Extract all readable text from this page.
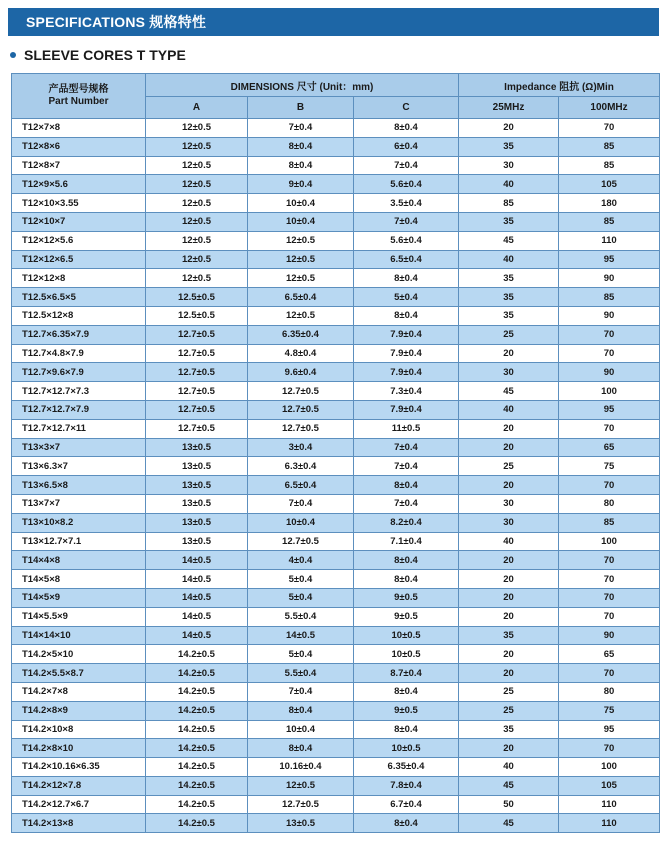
SPECIFICATIONS 规格特性
SLEEVE CORES T TYPE
产品型号规格
Part Number	DIMENSIONS 尺寸 (Unit：mm)			Impedance 阻抗 (Ω)Min	
	A	B	C	25MHz	100MHz
T12×7×8	12±0.5	7±0.4	8±0.4	20	70
T12×8×6	12±0.5	8±0.4	6±0.4	35	85
T12×8×7	12±0.5	8±0.4	7±0.4	30	85
T12×9×5.6	12±0.5	9±0.4	5.6±0.4	40	105
T12×10×3.55	12±0.5	10±0.4	3.5±0.4	85	180
T12×10×7	12±0.5	10±0.4	7±0.4	35	85
T12×12×5.6	12±0.5	12±0.5	5.6±0.4	45	110
T12×12×6.5	12±0.5	12±0.5	6.5±0.4	40	95
T12×12×8	12±0.5	12±0.5	8±0.4	35	90
T12.5×6.5×5	12.5±0.5	6.5±0.4	5±0.4	35	85
T12.5×12×8	12.5±0.5	12±0.5	8±0.4	35	90
T12.7×6.35×7.9	12.7±0.5	6.35±0.4	7.9±0.4	25	70
T12.7×4.8×7.9	12.7±0.5	4.8±0.4	7.9±0.4	20	70
T12.7×9.6×7.9	12.7±0.5	9.6±0.4	7.9±0.4	30	90
T12.7×12.7×7.3	12.7±0.5	12.7±0.5	7.3±0.4	45	100
T12.7×12.7×7.9	12.7±0.5	12.7±0.5	7.9±0.4	40	95
T12.7×12.7×11	12.7±0.5	12.7±0.5	11±0.5	20	70
T13×3×7	13±0.5	3±0.4	7±0.4	20	65
T13×6.3×7	13±0.5	6.3±0.4	7±0.4	25	75
T13×6.5×8	13±0.5	6.5±0.4	8±0.4	20	70
T13×7×7	13±0.5	7±0.4	7±0.4	30	80
T13×10×8.2	13±0.5	10±0.4	8.2±0.4	30	85
T13×12.7×7.1	13±0.5	12.7±0.5	7.1±0.4	40	100
T14×4×8	14±0.5	4±0.4	8±0.4	20	70
T14×5×8	14±0.5	5±0.4	8±0.4	20	70
T14×5×9	14±0.5	5±0.4	9±0.5	20	70
T14×5.5×9	14±0.5	5.5±0.4	9±0.5	20	70
T14×14×10	14±0.5	14±0.5	10±0.5	35	90
T14.2×5×10	14.2±0.5	5±0.4	10±0.5	20	65
T14.2×5.5×8.7	14.2±0.5	5.5±0.4	8.7±0.4	20	70
T14.2×7×8	14.2±0.5	7±0.4	8±0.4	25	80
T14.2×8×9	14.2±0.5	8±0.4	9±0.5	25	75
T14.2×10×8	14.2±0.5	10±0.4	8±0.4	35	95
T14.2×8×10	14.2±0.5	8±0.4	10±0.5	20	70
T14.2×10.16×6.35	14.2±0.5	10.16±0.4	6.35±0.4	40	100
T14.2×12×7.8	14.2±0.5	12±0.5	7.8±0.4	45	105
T14.2×12.7×6.7	14.2±0.5	12.7±0.5	6.7±0.4	50	110
T14.2×13×8	14.2±0.5	13±0.5	8±0.4	45	110
